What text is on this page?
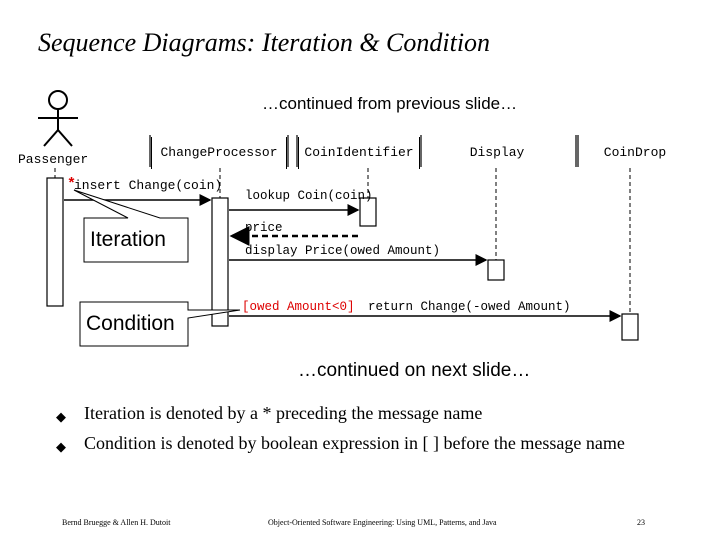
Sequence Diagrams: Iteration & Condition
…continued from previous slide…
ChangeProcessor	CoinIdentifier	Display	CoinDrop
Passenger
*
insert Change(coin)
lookup Coin(coin)
price
display Price(owed Amount)
[owed Amount<0] return Change(-owed Amount)
Iteration
Condition
…continued on next slide…
◆ Iteration is denoted by a * preceding the message name
◆ Condition is denoted by boolean expression in [ ] before the message name
Bernd Bruegge & Allen H. Dutoit	Object-Oriented Software Engineering: Using UML, Patterns, and Java	23
